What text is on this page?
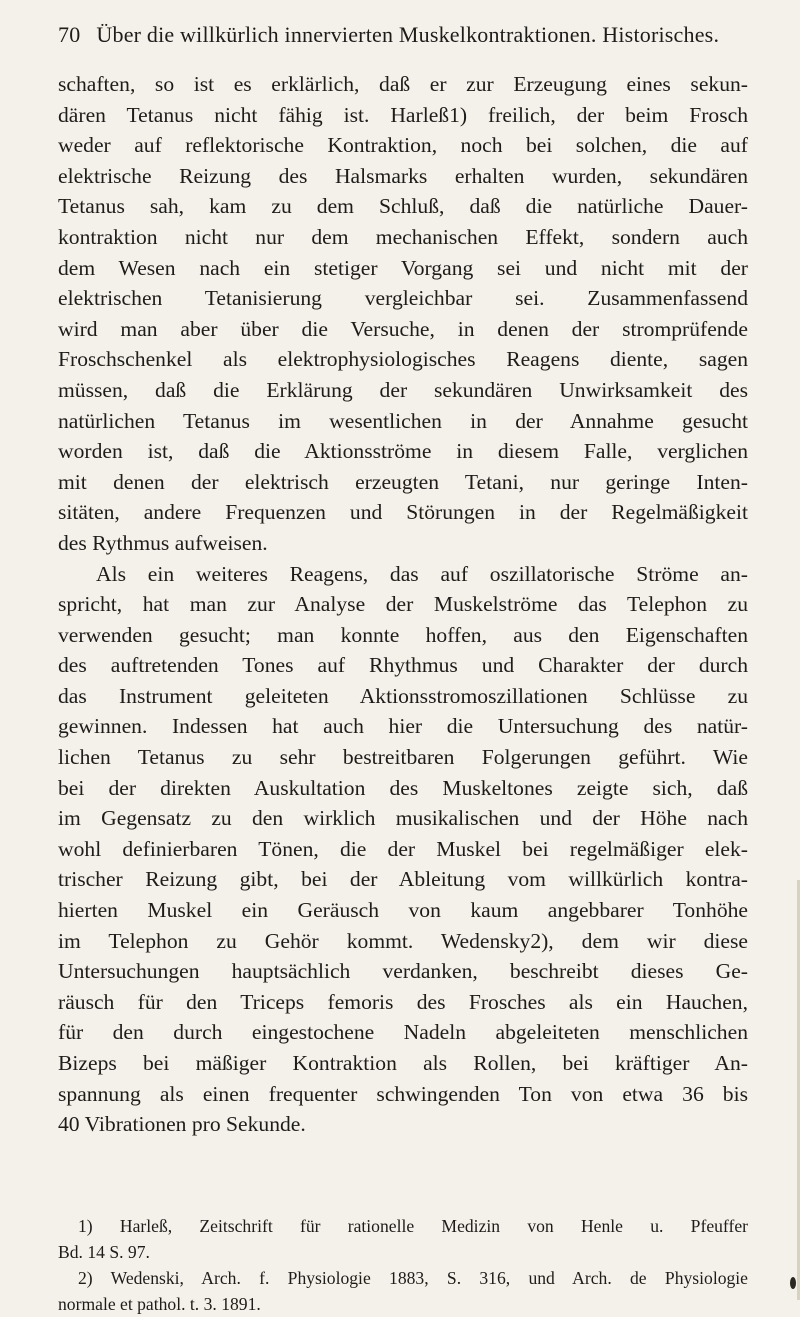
70 Über die willkürlich innervierten Muskelkontraktionen. Historisches.
schaften, so ist es erklärlich, daß er zur Erzeugung eines sekun-
dären Tetanus nicht fähig ist. Harleß1) freilich, der beim Frosch
weder auf reflektorische Kontraktion, noch bei solchen, die auf
elektrische Reizung des Halsmarks erhalten wurden, sekundären
Tetanus sah, kam zu dem Schluß, daß die natürliche Dauer-
kontraktion nicht nur dem mechanischen Effekt, sondern auch
dem Wesen nach ein stetiger Vorgang sei und nicht mit der
elektrischen Tetanisierung vergleichbar sei. Zusammenfassend
wird man aber über die Versuche, in denen der stromprüfende
Froschschenkel als elektrophysiologisches Reagens diente, sagen
müssen, daß die Erklärung der sekundären Unwirksamkeit des
natürlichen Tetanus im wesentlichen in der Annahme gesucht
worden ist, daß die Aktionsströme in diesem Falle, verglichen
mit denen der elektrisch erzeugten Tetani, nur geringe Inten-
sitäten, andere Frequenzen und Störungen in der Regelmäßigkeit
des Rythmus aufweisen.
Als ein weiteres Reagens, das auf oszillatorische Ströme an-
spricht, hat man zur Analyse der Muskelströme das Telephon zu
verwenden gesucht; man konnte hoffen, aus den Eigenschaften
des auftretenden Tones auf Rhythmus und Charakter der durch
das Instrument geleiteten Aktionsstromoszillationen Schlüsse zu
gewinnen. Indessen hat auch hier die Untersuchung des natür-
lichen Tetanus zu sehr bestreitbaren Folgerungen geführt. Wie
bei der direkten Auskultation des Muskeltones zeigte sich, daß
im Gegensatz zu den wirklich musikalischen und der Höhe nach
wohl definierbaren Tönen, die der Muskel bei regelmäßiger elek-
trischer Reizung gibt, bei der Ableitung vom willkürlich kontra-
hierten Muskel ein Geräusch von kaum angebbarer Tonhöhe
im Telephon zu Gehör kommt. Wedensky2), dem wir diese
Untersuchungen hauptsächlich verdanken, beschreibt dieses Ge-
räusch für den Triceps femoris des Frosches als ein Hauchen,
für den durch eingestochene Nadeln abgeleiteten menschlichen
Bizeps bei mäßiger Kontraktion als Rollen, bei kräftiger An-
spannung als einen frequenter schwingenden Ton von etwa 36 bis
40 Vibrationen pro Sekunde.
1) Harleß, Zeitschrift für rationelle Medizin von Henle u. Pfeuffer
Bd. 14 S. 97.
2) Wedenski, Arch. f. Physiologie 1883, S. 316, und Arch. de Physiologie
normale et pathol. t. 3. 1891.
